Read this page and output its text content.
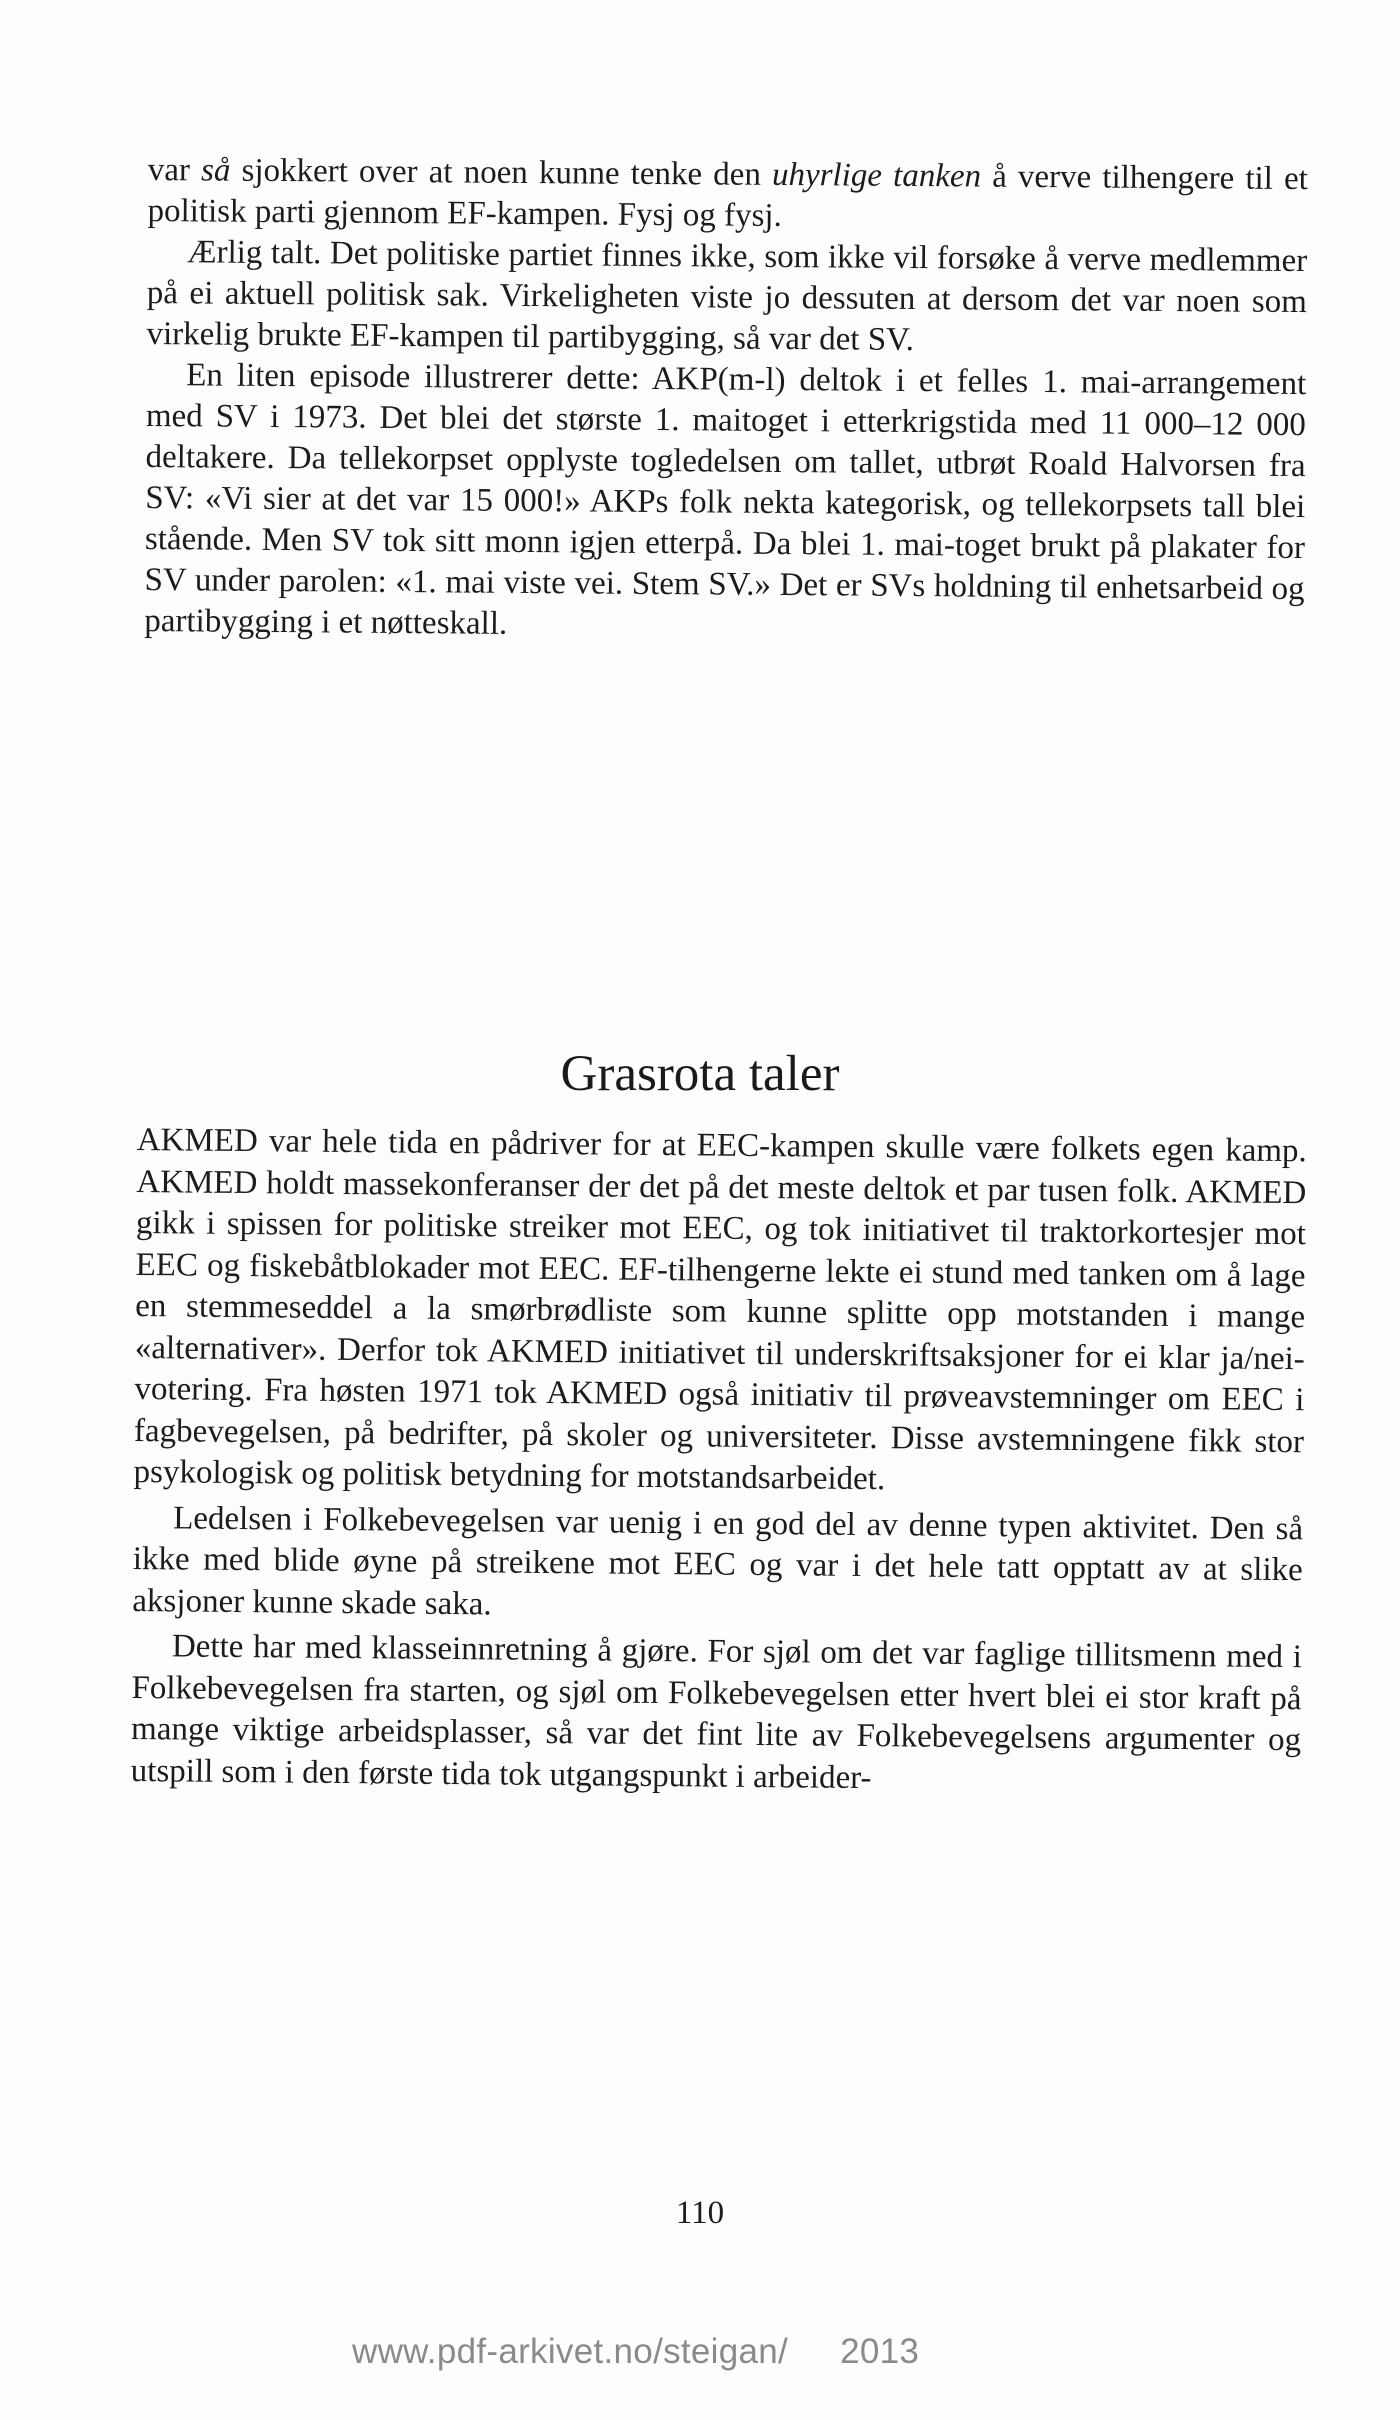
var så sjokkert over at noen kunne tenke den uhyrlige tanken å verve tilhengere til et politisk parti gjennom EF-kampen. Fysj og fysj.

Ærlig talt. Det politiske partiet finnes ikke, som ikke vil forsøke å verve medlemmer på ei aktuell politisk sak. Virkeligheten viste jo dessuten at dersom det var noen som virkelig brukte EF-kampen til partibygging, så var det SV.

En liten episode illustrerer dette: AKP(m-l) deltok i et felles 1. mai-arrangement med SV i 1973. Det blei det største 1. maitoget i etterkrigstida med 11 000–12 000 deltakere. Da tellekorpset opplyste togledelsen om tallet, utbrøt Roald Halvorsen fra SV: «Vi sier at det var 15 000!» AKPs folk nekta kategorisk, og tellekorpsets tall blei stående. Men SV tok sitt monn igjen etterpå. Da blei 1. mai-toget brukt på plakater for SV under parolen: «1. mai viste vei. Stem SV.» Det er SVs holdning til enhetsarbeid og partibygging i et nøtteskall.

Grasrota taler

AKMED var hele tida en pådriver for at EEC-kampen skulle være folkets egen kamp. AKMED holdt massekonferanser der det på det meste deltok et par tusen folk. AKMED gikk i spissen for politiske streiker mot EEC, og tok initiativet til traktorkortesjer mot EEC og fiskebåtblokader mot EEC. EF-tilhengerne lekte ei stund med tanken om å lage en stemmeseddel a la smørbrødliste som kunne splitte opp motstanden i mange «alternativer». Derfor tok AKMED initiativet til underskriftsaksjoner for ei klar ja/nei-votering. Fra høsten 1971 tok AKMED også initiativ til prøveavstemninger om EEC i fagbevegelsen, på bedrifter, på skoler og universiteter. Disse avstemningene fikk stor psykologisk og politisk betydning for motstandsarbeidet.

Ledelsen i Folkebevegelsen var uenig i en god del av denne typen aktivitet. Den så ikke med blide øyne på streikene mot EEC og var i det hele tatt opptatt av at slike aksjoner kunne skade saka.

Dette har med klasseinnretning å gjøre. For sjøl om det var faglige tillitsmenn med i Folkebevegelsen fra starten, og sjøl om Folkebevegelsen etter hvert blei ei stor kraft på mange viktige arbeidsplasser, så var det fint lite av Folkebevegelsens argumenter og utspill som i den første tida tok utgangspunkt i arbeider-

110
www.pdf-arkivet.no/steigan/ 2013
